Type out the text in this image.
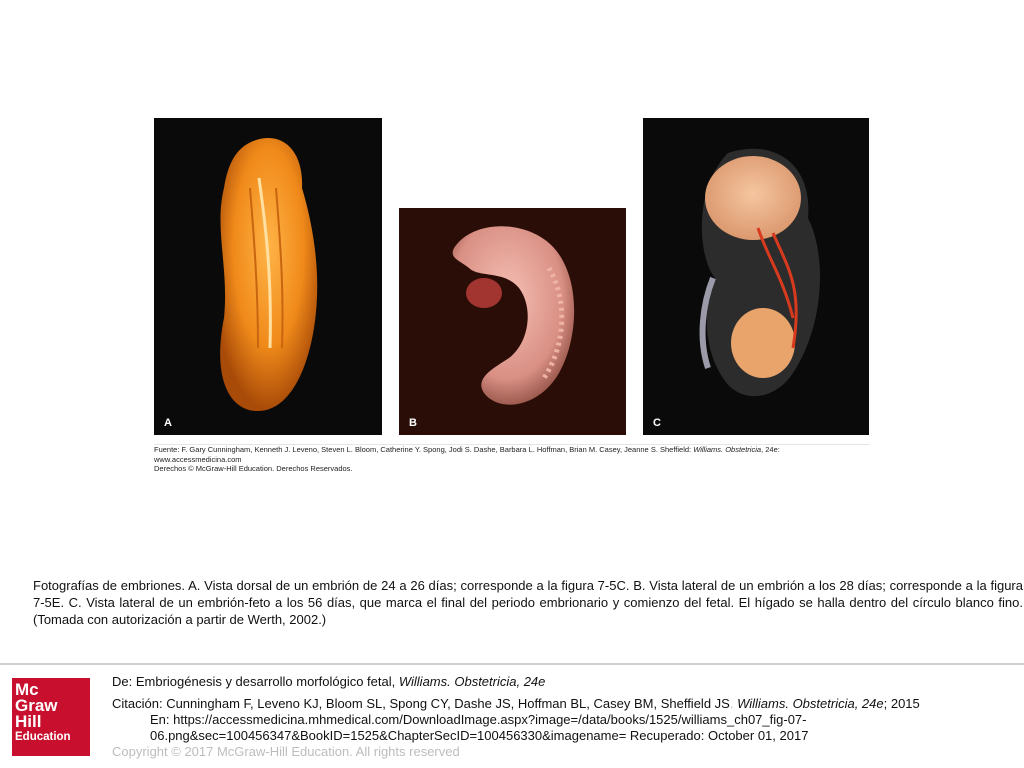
A	B	C
Fuente: F. Gary Cunningham, Kenneth J. Leveno, Steven L. Bloom, Catherine Y. Spong, Jodi S. Dashe, Barbara L. Hoffman, Brian M. Casey, Jeanne S. Sheffield: Williams. Obstetricia, 24e:
www.accessmedicina.com
Derechos © McGraw-Hill Education. Derechos Reservados.
Fotografías de embriones. A. Vista dorsal de un embrión de 24 a 26 días; corresponde a la figura 7-5C. B. Vista lateral de un embrión a los 28 días; corresponde a la figura 7-5E. C. Vista lateral de un embrión-feto a los 56 días, que marca el final del periodo embrionario y comienzo del fetal. El hígado se halla dentro del círculo blanco fino. (Tomada con autorización a partir de Werth, 2002.)
Mc
Graw
Hill
Education
De: Embriogénesis y desarrollo morfológico fetal, Williams. Obstetricia, 24e
Citación: Cunningham F, Leveno KJ, Bloom SL, Spong CY, Dashe JS, Hoffman BL, Casey BM, Sheffield JS. Williams. Obstetricia, 24e; 2015
En: https://accessmedicina.mhmedical.com/DownloadImage.aspx?image=/data/books/1525/williams_ch07_fig-07-
06.png&sec=100456347&BookID=1525&ChapterSecID=100456330&imagename= Recuperado: October 01, 2017
Copyright © 2017 McGraw-Hill Education. All rights reserved
